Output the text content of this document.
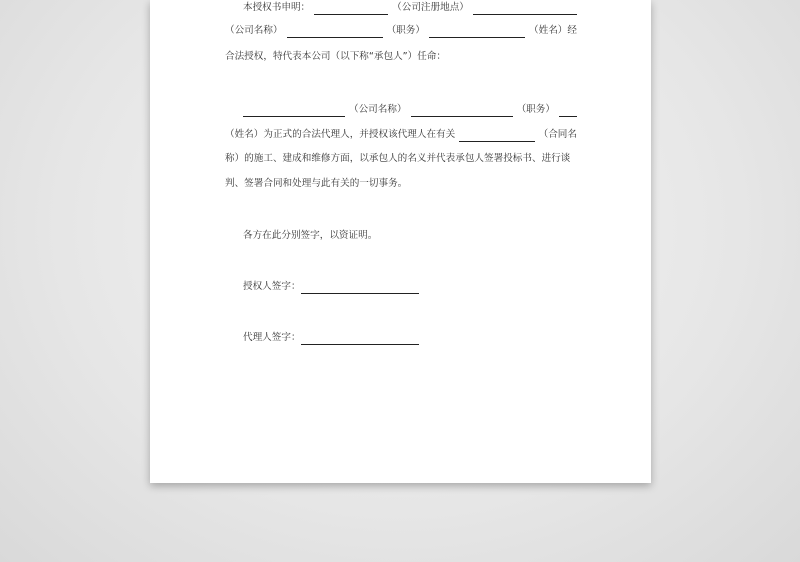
本授权书申明：	（公司注册地点）
（公司名称）	（职务）	（姓名）经
合法授权，特代表本公司（以下称“承包人”）任命：
（公司名称）	（职务）
（姓名）为正式的合法代理人，并授权该代理人在有关	（合同名
称）的施工、建成和维修方面，以承包人的名义并代表承包人签署投标书、进行谈
判、签署合同和处理与此有关的一切事务。
各方在此分别签字，以资证明。
授权人签字：
代理人签字：
